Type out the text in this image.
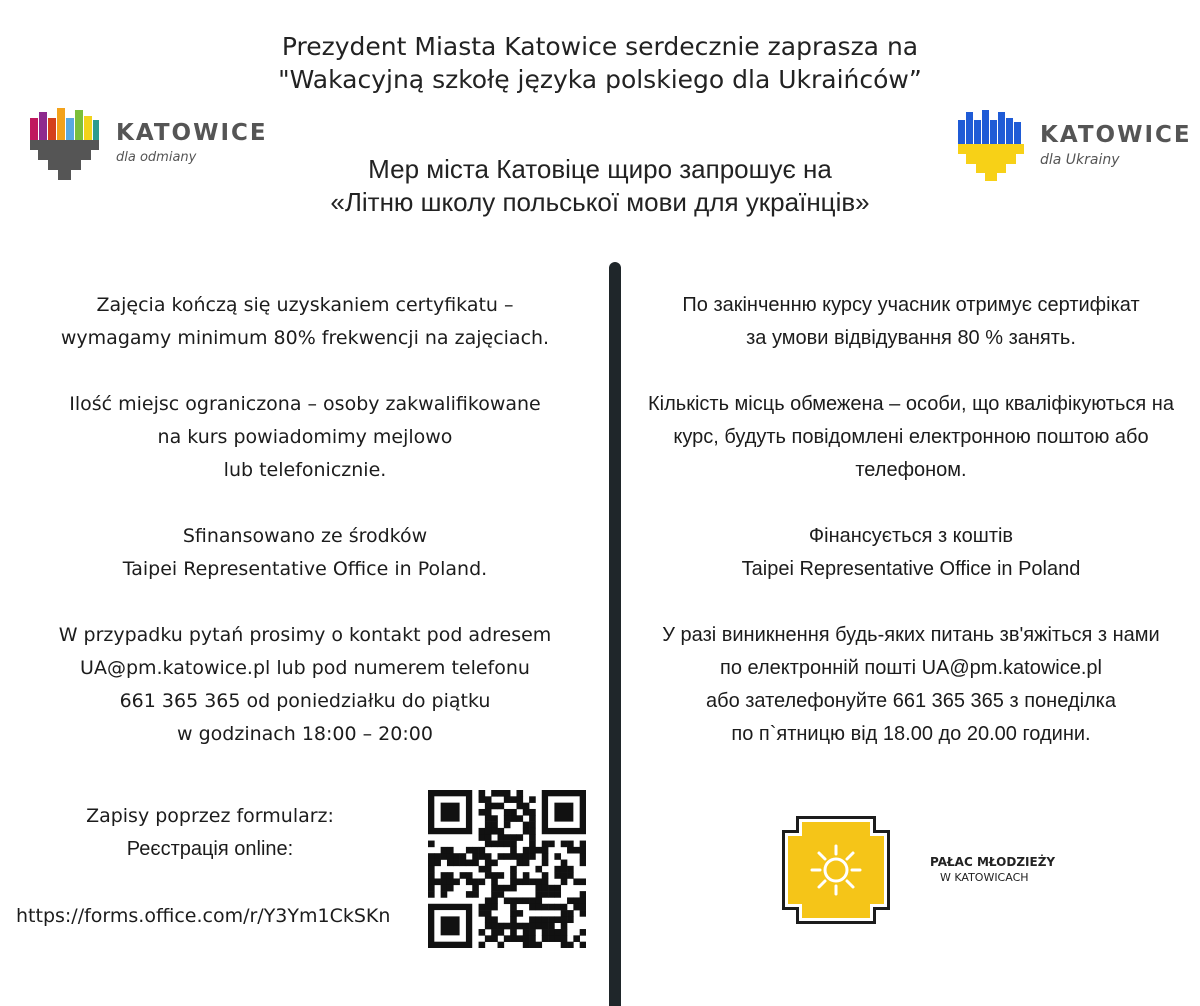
Prezydent Miasta Katowice serdecznie zaprasza na
"Wakacyjną szkołę języka polskiego dla Ukraińców”
Мер міста Катовіце щиро запрошує на
«Літню школу польської мови для українців»
KATOWICE
dla odmiany
KATOWICE
dla Ukrainy
Zajęcia kończą się uzyskaniem certyfikatu –
wymagamy minimum 80% frekwencji na zajęciach.
Ilość miejsc ograniczona – osoby zakwalifikowane
na kurs powiadomimy mejlowo
lub telefonicznie.
Sfinansowano ze środków
Taipei Representative Office in Poland.
W przypadku pytań prosimy o kontakt pod adresem
UA@pm.katowice.pl lub pod numerem telefonu
661 365 365 od poniedziałku do piątku
w godzinach 18:00 – 20:00
По закінченню курсу учасник отримує сертифікат
за умови відвідування 80 % занять.
Кількість місць обмежена – особи, що кваліфікуються на
курс, будуть повідомлені електронною поштою або
телефоном.
Фінансується з коштів
Taipei Representative Office in Poland
У разі виникнення будь-яких питань зв'яжіться з нами
по електронній пошті UA@pm.katowice.pl
або зателефонуйте 661 365 365 з понеділка
по п`ятницю від 18.00 до 20.00 години.
Zapisy poprzez formularz:
Реєстрація online:
https://forms.office.com/r/Y3Ym1CkSKn
PAŁAC MŁODZIEŻY
W KATOWICACH
